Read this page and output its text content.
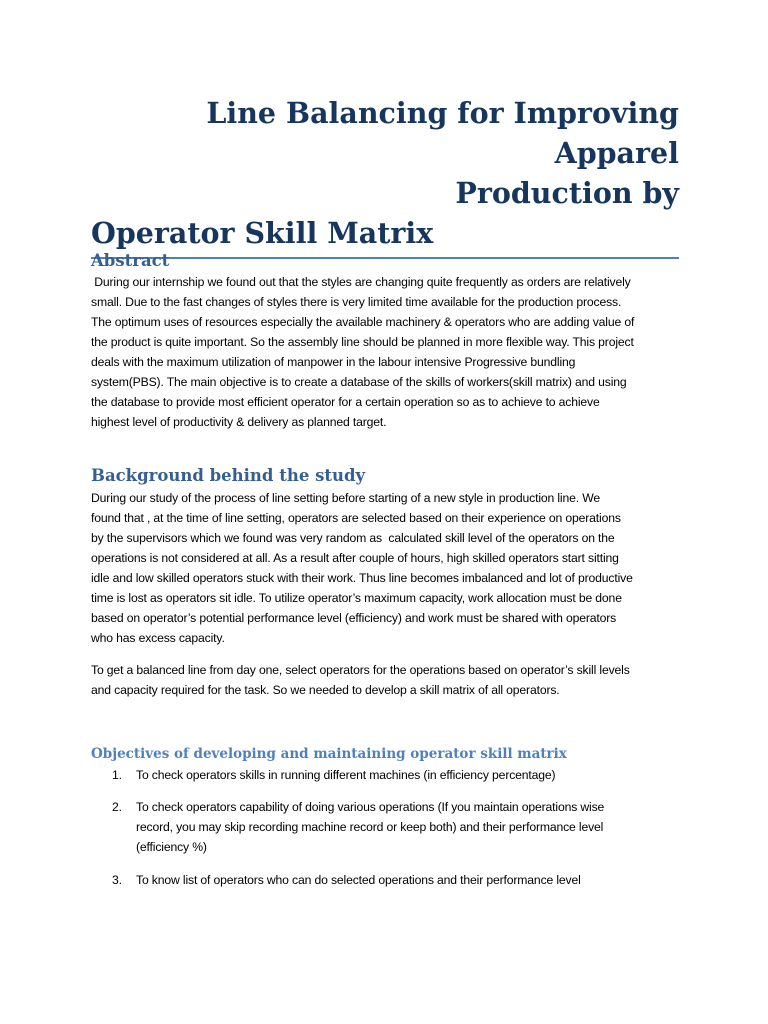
Line Balancing for Improving Apparel
Production by
Operator Skill Matrix
Abstract
During our internship we found out that the styles are changing quite frequently as orders are relatively
small. Due to the fast changes of styles there is very limited time available for the production process.
The optimum uses of resources especially the available machinery & operators who are adding value of
the product is quite important. So the assembly line should be planned in more flexible way. This project
deals with the maximum utilization of manpower in the labour intensive Progressive bundling
system(PBS). The main objective is to create a database of the skills of workers(skill matrix) and using
the database to provide most efficient operator for a certain operation so as to achieve to achieve
highest level of productivity & delivery as planned target.
Background behind the study
During our study of the process of line setting before starting of a new style in production line. We
found that , at the time of line setting, operators are selected based on their experience on operations
by the supervisors which we found was very random as  calculated skill level of the operators on the
operations is not considered at all. As a result after couple of hours, high skilled operators start sitting
idle and low skilled operators stuck with their work. Thus line becomes imbalanced and lot of productive
time is lost as operators sit idle. To utilize operator’s maximum capacity, work allocation must be done
based on operator’s potential performance level (efficiency) and work must be shared with operators
who has excess capacity.
To get a balanced line from day one, select operators for the operations based on operator’s skill levels
and capacity required for the task. So we needed to develop a skill matrix of all operators.
Objectives of developing and maintaining operator skill matrix
1. To check operators skills in running different machines (in efficiency percentage)
2. To check operators capability of doing various operations (If you maintain operations wise
record, you may skip recording machine record or keep both) and their performance level
(efficiency %)
3. To know list of operators who can do selected operations and their performance level
